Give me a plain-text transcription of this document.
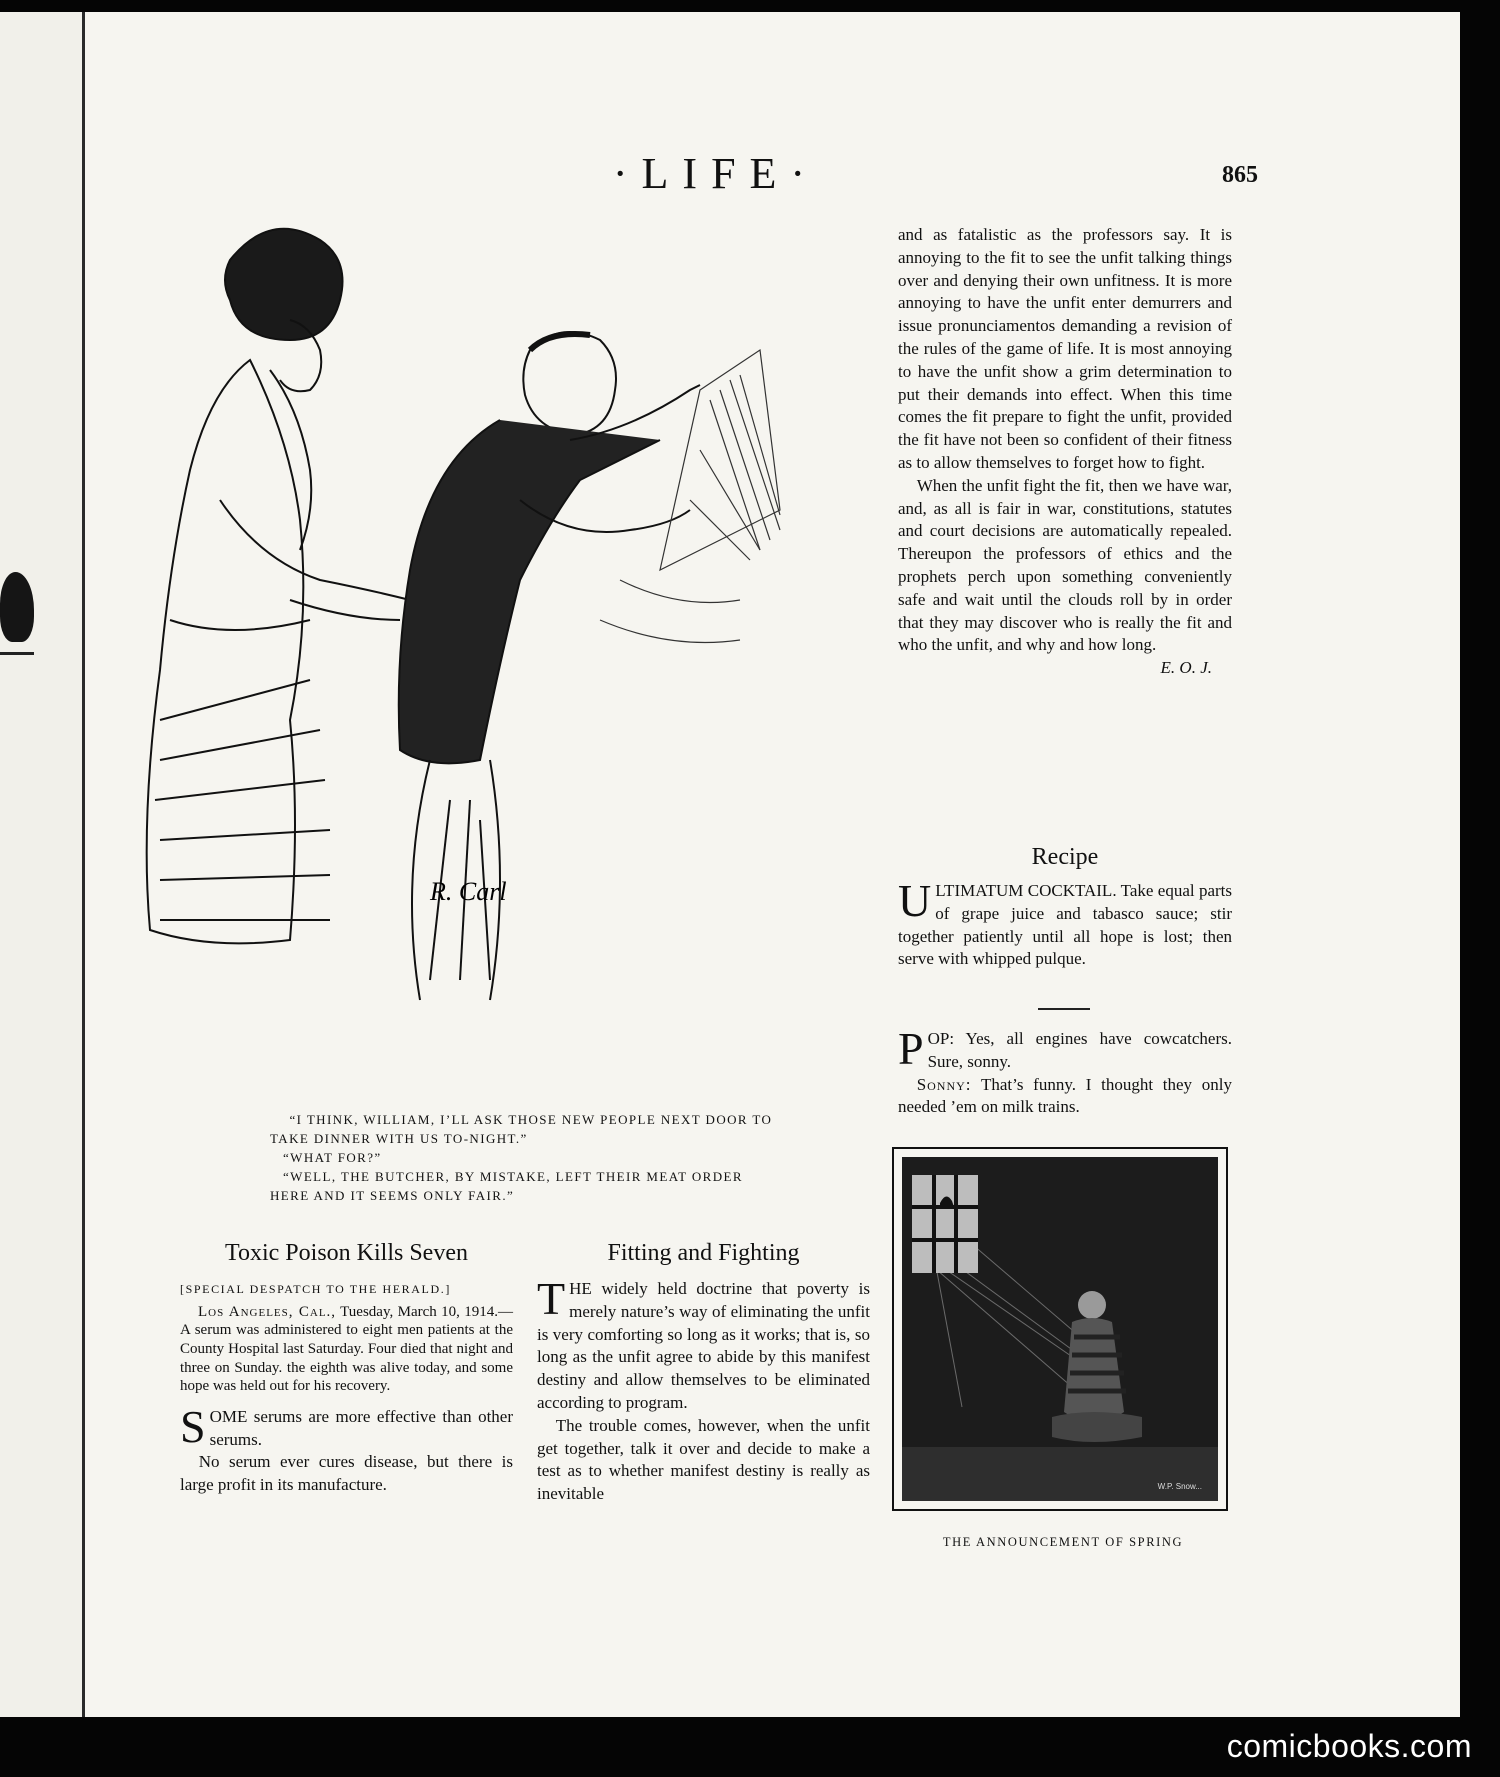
·LIFE·	865
R. Carl

“I THINK, WILLIAM, I’LL ASK THOSE NEW PEOPLE NEXT DOOR TO TAKE DINNER WITH US TO-NIGHT.”

“WHAT FOR?”

“WELL, THE BUTCHER, BY MISTAKE, LEFT THEIR MEAT ORDER HERE AND IT SEEMS ONLY FAIR.”

and as fatalistic as the professors say. It is annoying to the fit to see the unfit talking things over and denying their own unfitness. It is more annoying to have the unfit enter demurrers and issue pronunciamentos demanding a revision of the rules of the game of life. It is most annoying to have the unfit show a grim determination to put their demands into effect. When this time comes the fit prepare to fight the unfit, provided the fit have not been so confident of their fitness as to allow themselves to forget how to fight.

When the unfit fight the fit, then we have war, and, as all is fair in war, constitutions, statutes and court decisions are automatically repealed. Thereupon the professors of ethics and the prophets perch upon something conveniently safe and wait until the clouds roll by in order that they may discover who is really the fit and who the unfit, and why and how long.

E. O. J.

Recipe

U LTIMATUM COCKTAIL. Take equal parts of grape juice and tabasco sauce; stir together patiently until all hope is lost; then serve with whipped pulque.

P OP: Yes, all engines have cowcatchers. Sure, sonny.

Sonny: That’s funny. I thought they only needed ’em on milk trains.

W.P. Snow...
THE ANNOUNCEMENT OF SPRING
Toxic Poison Kills Seven

[SPECIAL DESPATCH TO THE HERALD.]

Los Angeles, Cal., Tuesday, March 10, 1914.—A serum was administered to eight men patients at the County Hospital last Saturday. Four died that night and three on Sunday. the eighth was alive today, and some hope was held out for his recovery.

S OME serums are more effective than other serums.

No serum ever cures disease, but there is large profit in its manufacture.

Fitting and Fighting

T HE widely held doctrine that poverty is merely nature’s way of eliminating the unfit is very comforting so long as it works; that is, so long as the unfit agree to abide by this manifest destiny and allow themselves to be eliminated according to program.

The trouble comes, however, when the unfit get together, talk it over and decide to make a test as to whether manifest destiny is really as inevitable

comicbooks.com
